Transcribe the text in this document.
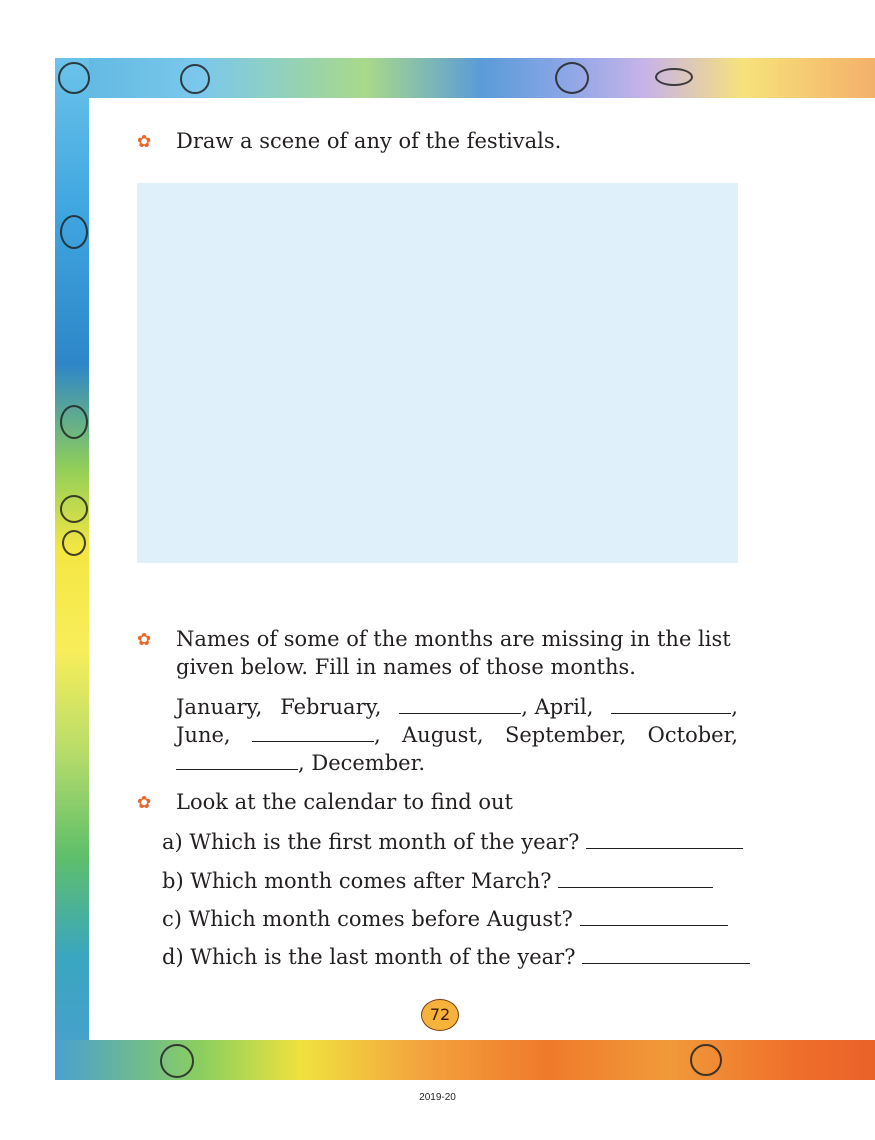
✿ Draw a scene of any of the festivals.
✿ Names of some of the months are missing in the list
given below. Fill in names of those months.
January, February,	, April,	,
June,	, August, September, October,
, December.
✿ Look at the calendar to find out
a) Which is the first month of the year?
b) Which month comes after March?
c) Which month comes before August?
d) Which is the last month of the year?
72
2019-20
